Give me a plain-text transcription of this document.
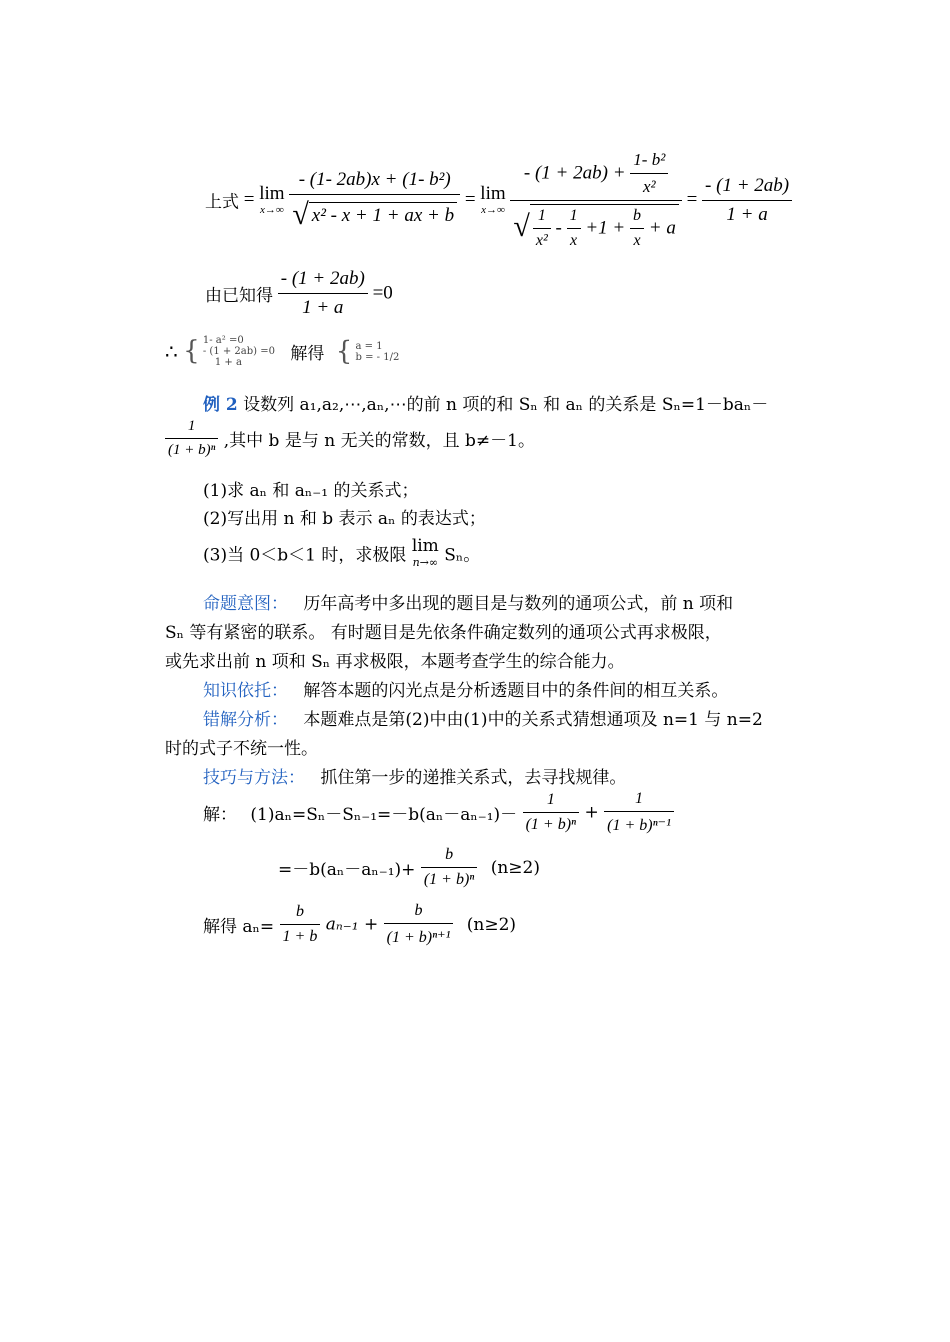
上式 = lim
x→∞
$\frac{\text{- (1- 2ab)x + (1- b²)}}{\text{√ x² - x + 1 + ax + b}} = \lim$
x→∞
$\frac{- (1 + 2ab) + \frac{\text{1- b²}}{\text{x²}}}{√ \frac{1}{\text{x²}} - \frac{1}{x} +1 + \frac{b}{x} + a} = \frac{- (1 + 2ab)}{1 + a}$
由已知得 $\frac{- (1 + 2ab)}{1 + a} =0$
∴ { 1- a² =0
- (1 + 2ab) =0
1 + a	解得 { a = 1
b = - 1/2
例 2 设数列 a₁,a₂,⋯,aₙ,⋯的前 n 项的和 Sₙ 和 aₙ 的关系是 Sₙ=1－baₙ－
$\frac{1}{\text{(1 + b)ⁿ}}$ ,其中 b 是与 n 无关的常数，且 b≠－1。
(1)求 aₙ 和 aₙ₋₁ 的关系式；
(2)写出用 n 和 b 表示 aₙ 的表达式；
(3)当 0＜b＜1 时，求极限 lim
n→∞ Sₙ。
命题意图： 历年高考中多出现的题目是与数列的通项公式，前 n 项和
Sₙ 等有紧密的联系。 有时题目是先依条件确定数列的通项公式再求极限，
或先求出前 n 项和 Sₙ 再求极限，本题考查学生的综合能力。
知识依托： 解答本题的闪光点是分析透题目中的条件间的相互关系。
错解分析： 本题难点是第(2)中由(1)中的关系式猜想通项及 n=1 与 n=2
时的式子不统一性。
技巧与方法： 抓住第一步的递推关系式，去寻找规律。
解： $(1)a_n=S_n-S_{n-1}=-b(a_n-a_{n-1})- \frac{1}{\text{(1 + b)ⁿ}} + \frac{1}{\text{(1 + b)ⁿ⁻¹}}$
$=-b(a_n-a_{n-1})+ \frac{b}{\text{(1 + b)ⁿ}} (n\ge 2)$
解得 $a_n= \frac{b}{1 + b} a_{n-1} + \frac{b}{\text{(1 + b)ⁿ⁺¹}} (n\ge 2)$
